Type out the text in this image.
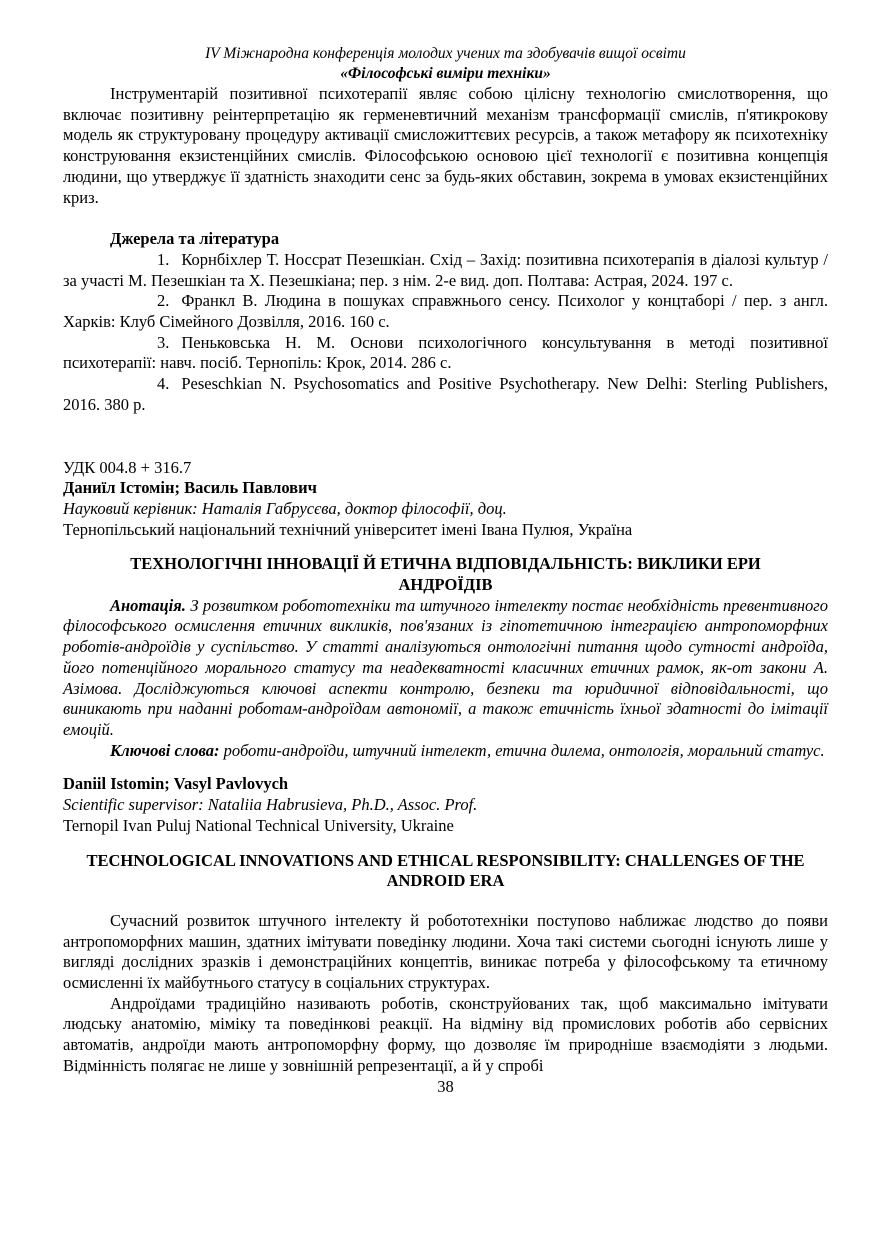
IV Міжнародна конференція молодих учених та здобувачів вищої освіти

«Філософські виміри техніки»

Інструментарій позитивної психотерапії являє собою цілісну технологію смислотворення, що включає позитивну реінтерпретацію як герменевтичний механізм трансформації смислів, п'ятикрокову модель як структуровану процедуру активації смисложиттєвих ресурсів, а також метафору як психотехніку конструювання екзистенційних смислів. Філософською основою цієї технології є позитивна концепція людини, що утверджує її здатність знаходити сенс за будь-яких обставин, зокрема в умовах екзистенційних криз.

Джерела та література

1. Корнбіхлер Т. Носсрат Пезешкіан. Схід – Захід: позитивна психотерапія в діалозі культур / за участі М. Пезешкіан та Х. Пезешкіана; пер. з нім. 2-е вид. доп. Полтава: Астрая, 2024. 197 с.

2. Франкл В. Людина в пошуках справжнього сенсу. Психолог у концтаборі / пер. з англ. Харків: Клуб Сімейного Дозвілля, 2016. 160 с.

3. Пеньковська Н. М. Основи психологічного консультування в методі позитивної психотерапії: навч. посіб. Тернопіль: Крок, 2014. 286 с.

4. Peseschkian N. Psychosomatics and Positive Psychotherapy. New Delhi: Sterling Publishers, 2016. 380 p.

УДК 004.8 + 316.7

Даниїл Істомін; Василь Павлович

Науковий керівник: Наталія Габрусєва, доктор філософії, доц.

Тернопільський національний технічний університет імені Івана Пулюя, Україна

ТЕХНОЛОГІЧНІ ІННОВАЦІЇ Й ЕТИЧНА ВІДПОВІДАЛЬНІСТЬ: ВИКЛИКИ ЕРИ АНДРОЇДІВ

Анотація. З розвитком робототехніки та штучного інтелекту постає необхідність превентивного філософського осмислення етичних викликів, пов'язаних із гіпотетичною інтеграцією антропоморфних роботів-андроїдів у суспільство. У статті аналізуються онтологічні питання щодо сутності андроїда, його потенційного морального статусу та неадекватності класичних етичних рамок, як-от закони А. Азімова. Досліджуються ключові аспекти контролю, безпеки та юридичної відповідальності, що виникають при наданні роботам-андроїдам автономії, а також етичність їхньої здатності до імітації емоцій.

Ключові слова: роботи-андроїди, штучний інтелект, етична дилема, онтологія, моральний статус.

Daniil Istomin; Vasyl Pavlovych

Scientific supervisor: Nataliia Habrusieva, Ph.D., Assoc. Prof.

Ternopil Ivan Puluj National Technical University, Ukraine

TECHNOLOGICAL INNOVATIONS AND ETHICAL RESPONSIBILITY: CHALLENGES OF THE ANDROID ERA

Сучасний розвиток штучного інтелекту й робототехніки поступово наближає людство до появи антропоморфних машин, здатних імітувати поведінку людини. Хоча такі системи сьогодні існують лише у вигляді дослідних зразків і демонстраційних концептів, виникає потреба у філософському та етичному осмисленні їх майбутнього статусу в соціальних структурах.

Андроїдами традиційно називають роботів, сконструйованих так, щоб максимально імітувати людську анатомію, міміку та поведінкові реакції. На відміну від промислових роботів або сервісних автоматів, андроїди мають антропоморфну форму, що дозволяє їм природніше взаємодіяти з людьми. Відмінність полягає не лише у зовнішній репрезентації, а й у спробі

38
